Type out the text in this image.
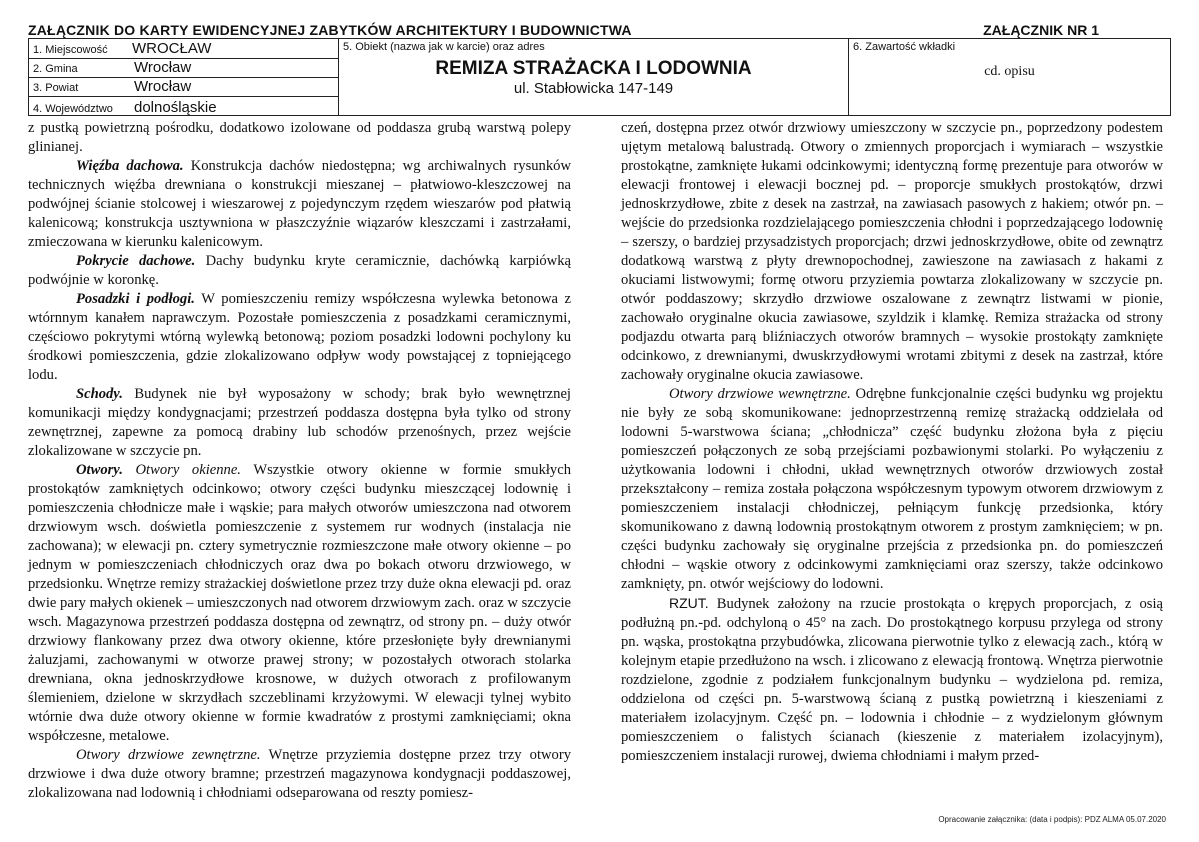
ZAŁĄCZNIK DO KARTY EWIDENCYJNEJ ZABYTKÓW ARCHITEKTURY I BUDOWNICTWA	ZAŁĄCZNIK NR 1
1. Miejscowość WROCŁAW
2. Gmina	Wrocław
3. Powiat	Wrocław
4. Województwo dolnośląskie
5. Obiekt (nazwa jak w karcie) oraz adres
REMIZA STRAŻACKA I LODOWNIA
ul. Stabłowicka 147-149
6. Zawartość wkładki
cd. opisu

z pustką powietrzną pośrodku, dodatkowo izolowane od poddasza grubą warstwą polepy glinianej.

Więźba dachowa. Konstrukcja dachów niedostępna; wg archiwalnych rysunków technicznych więźba drewniana o konstrukcji mieszanej – płatwiowo-kleszczowej na podwójnej ścianie stolcowej i wieszarowej z pojedynczym rzędem wieszarów pod płatwią kalenicową; konstrukcja usztywniona w płaszczyźnie wiązarów kleszczami i zastrzałami, zmieczowana w kierunku kalenicowym.

Pokrycie dachowe. Dachy budynku kryte ceramicznie, dachówką karpiówką podwójnie w koronkę.

Posadzki i podłogi. W pomieszczeniu remizy współczesna wylewka betonowa z wtórnnym kanałem naprawczym. Pozostałe pomieszczenia z posadzkami ceramicznymi, częściowo pokrytymi wtórną wylewką betonową; poziom posadzki lodowni pochylony ku środkowi pomieszczenia, gdzie zlokalizowano odpływ wody powstającej z topniejącego lodu.

Schody. Budynek nie był wyposażony w schody; brak było wewnętrznej komunikacji między kondygnacjami; przestrzeń poddasza dostępna była tylko od strony zewnętrznej, zapewne za pomocą drabiny lub schodów przenośnych, przez wejście zlokalizowane w szczycie pn.

Otwory. Otwory okienne. Wszystkie otwory okienne w formie smukłych prostokątów zamkniętych odcinkowo; otwory części budynku mieszczącej lodownię i pomieszczenia chłodnicze małe i wąskie; para małych otworów umieszczona nad otworem drzwiowym wsch. doświetla pomieszczenie z systemem rur wodnych (instalacja nie zachowana); w elewacji pn. cztery symetrycznie rozmieszczone małe otwory okienne – po jednym w pomieszczeniach chłodniczych oraz dwa po bokach otworu drzwiowego, w przedsionku. Wnętrze remizy strażackiej doświetlone przez trzy duże okna elewacji pd. oraz dwie pary małych okienek – umieszczonych nad otworem drzwiowym zach. oraz w szczycie wsch. Magazynowa przestrzeń poddasza dostępna od zewnątrz, od strony pn. – duży otwór drzwiowy flankowany przez dwa otwory okienne, które przesłonięte były drewnianymi żaluzjami, zachowanymi w otworze prawej strony; w pozostałych otworach stolarka drewniana, okna jednoskrzydłowe krosnowe, w dużych otworach z profilowanym ślemieniem, dzielone w skrzydłach szczeblinami krzyżowymi. W elewacji tylnej wybito wtórnie dwa duże otwory okienne w formie kwadratów z prostymi zamknięciami; okna współczesne, metalowe.

Otwory drzwiowe zewnętrzne. Wnętrze przyziemia dostępne przez trzy otwory drzwiowe i dwa duże otwory bramne; przestrzeń magazynowa kondygnacji poddaszowej, zlokalizowana nad lodownią i chłodniami odseparowana od reszty pomiesz-

czeń, dostępna przez otwór drzwiowy umieszczony w szczycie pn., poprzedzony podestem ujętym metalową balustradą. Otwory o zmiennych proporcjach i wymiarach – wszystkie prostokątne, zamknięte łukami odcinkowymi; identyczną formę prezentuje para otworów w elewacji frontowej i elewacji bocznej pd. – proporcje smukłych prostokątów, drzwi jednoskrzydłowe, zbite z desek na zastrzał, na zawiasach pasowych z hakiem; otwór pn. – wejście do przedsionka rozdzielającego pomieszczenia chłodni i poprzedzającego lodownię – szerszy, o bardziej przysadzistych proporcjach; drzwi jednoskrzydłowe, obite od zewnątrz dodatkową warstwą z płyty drewnopochodnej, zawieszone na zawiasach z hakami z okuciami listwowymi; formę otworu przyziemia powtarza zlokalizowany w szczycie pn. otwór poddaszowy; skrzydło drzwiowe oszalowane z zewnątrz listwami w pionie, zachowało oryginalne okucia zawiasowe, szyldzik i klamkę. Remiza strażacka od strony podjazdu otwarta parą bliźniaczych otworów bramnych – wysokie prostokąty zamknięte odcinkowo, z drewnianymi, dwuskrzydłowymi wrotami zbitymi z desek na zastrzał, które zachowały oryginalne okucia zawiasowe.

Otwory drzwiowe wewnętrzne. Odrębne funkcjonalnie części budynku wg projektu nie były ze sobą skomunikowane: jednoprzestrzenną remizę strażacką oddzielała od lodowni 5-warstwowa ściana; „chłodnicza” część budynku złożona była z pięciu pomieszczeń połączonych ze sobą przejściami pozbawionymi stolarki. Po wyłączeniu z użytkowania lodowni i chłodni, układ wewnętrznych otworów drzwiowych został przekształcony – remiza została połączona współczesnym typowym otworem drzwiowym z pomieszczeniem instalacji chłodniczej, pełniącym funkcję przedsionka, który skomunikowano z dawną lodownią prostokątnym otworem z prostym zamknięciem; w pn. części budynku zachowały się oryginalne przejścia z przedsionka pn. do pomieszczeń chłodni – wąskie otwory z odcinkowymi zamknięciami oraz szerszy, także odcinkowo zamknięty, pn. otwór wejściowy do lodowni.

RZUT. Budynek założony na rzucie prostokąta o krępych proporcjach, z osią podłużną pn.-pd. odchyloną o 45° na zach. Do prostokątnego korpusu przylega od strony pn. wąska, prostokątna przybudówka, zlicowana pierwotnie tylko z elewacją zach., którą w kolejnym etapie przedłużono na wsch. i zlicowano z elewacją frontową. Wnętrza pierwotnie rozdzielone, zgodnie z podziałem funkcjonalnym budynku – wydzielona pd. remiza, oddzielona od części pn. 5-warstwową ścianą z pustką powietrzną i kieszeniami z materiałem izolacyjnym. Część pn. – lodownia i chłodnie – z wydzielonym głównym pomieszczeniem o falistych ścianach (kieszenie z materiałem izolacyjnym), pomieszczeniem instalacji rurowej, dwiema chłodniami i małym przed-

Opracowanie załącznika: (data i podpis): PDZ ALMA 05.07.2020
